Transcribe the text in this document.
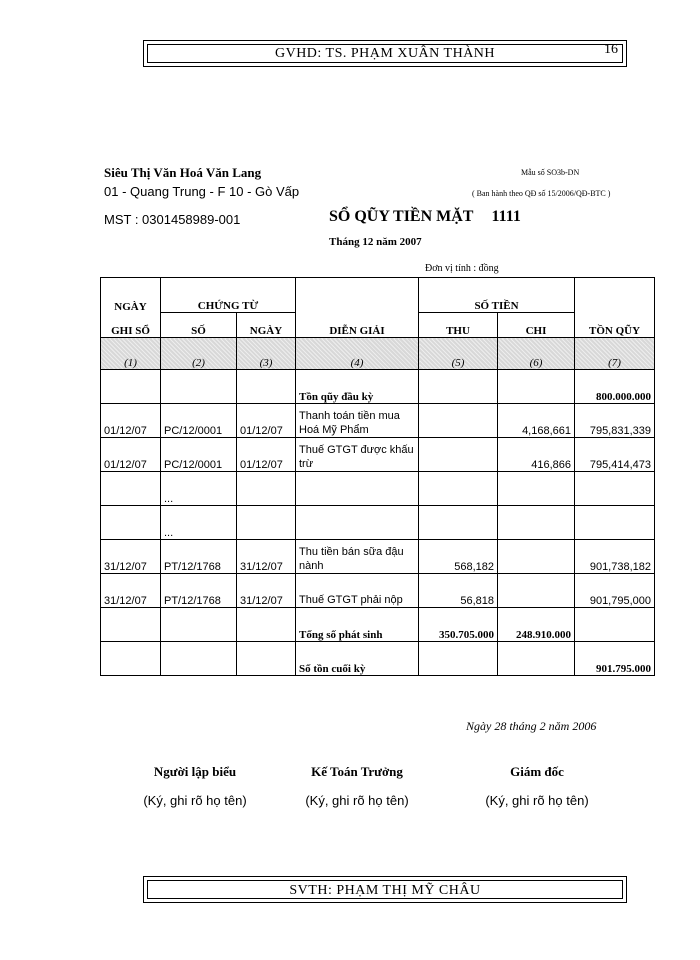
GVHD: TS. PHẠM XUÂN THÀNH	16
Siêu Thị Văn Hoá Văn Lang
01 - Quang Trung - F 10 - Gò Vấp
MST : 0301458989-001
Mẫu số SO3b-DN
( Ban hành theo QĐ số 15/2006/QĐ-BTC )
SỔ QŨY TIỀN MẶT 1111
Tháng 12 năm 2007
Đơn vị tính : đồng
NGÀY	CHỨNG TỪ		DIỄN GIẢI	SỐ TIỀN		
GHI SỔ	SỐ	NGÀY		THU	CHI	TỒN QŨY
(1)	(2)	(3)	(4)	(5)	(6)	(7)
			Tồn qũy đầu kỳ			800.000.000
01/12/07	PC/12/0001	01/12/07	Thanh toán tiền mua Hoá Mỹ Phẩm		4,168,661	795,831,339
01/12/07	PC/12/0001	01/12/07	Thuế GTGT được khấu trừ		416,866	795,414,473
	...					
	...					
31/12/07	PT/12/1768	31/12/07	Thu tiền bán sữa đậu nành	568,182		901,738,182
31/12/07	PT/12/1768	31/12/07	Thuế GTGT phải nộp	56,818		901,795,000
			Tổng số phát sinh	350.705.000	248.910.000	
			Số tồn cuối kỳ			901.795.000
Ngày 28 tháng 2 năm 2006
Người lập biểu	Kế Toán Trưởng	Giám đốc
(Ký, ghi rõ họ tên)	(Ký, ghi rõ họ tên)	(Ký, ghi rõ họ tên)
SVTH: PHẠM THỊ MỸ CHÂU
